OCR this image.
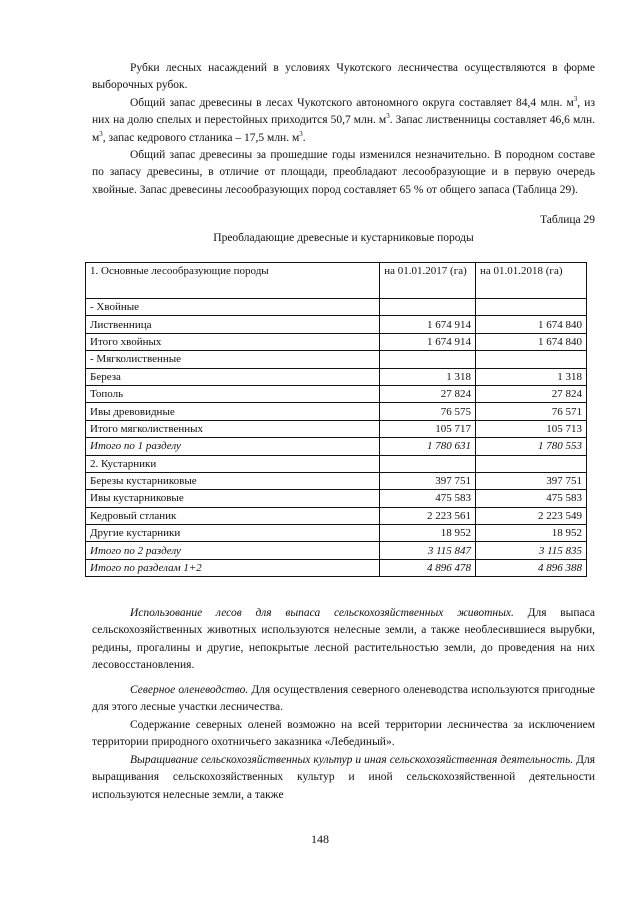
Рубки лесных насаждений в условиях Чукотского лесничества осуществляются в форме выборочных рубок.

Общий запас древесины в лесах Чукотского автономного округа составляет 84,4 млн. $м^3$, из них на долю спелых и перестойных приходится 50,7 млн. $м^3$. Запас лиственницы составляет 46,6 млн. $м^3$, запас кедрового стланика – 17,5 млн. $м^3$.

Общий запас древесины за прошедшие годы изменился незначительно. В породном составе по запасу древесины, в отличие от площади, преобладают лесообразующие и в первую очередь хвойные. Запас древесины лесообразующих пород составляет 65 % от общего запаса (Таблица 29).

Таблица 29
Преобладающие древесные и кустарниковые породы
1. Основные лесообразующие породы	на 01.01.2017 (га)	на 01.01.2018 (га)
- Хвойные		
Лиственница	1 674 914	1 674 840
Итого хвойных	1 674 914	1 674 840
- Мягколиственные		
Береза	1 318	1 318
Тополь	27 824	27 824
Ивы древовидные	76 575	76 571
Итого мягколиственных	105 717	105 713
Итого по 1 разделу	1 780 631	1 780 553
2. Кустарники		
Березы кустарниковые	397 751	397 751
Ивы кустарниковые	475 583	475 583
Кедровый стланик	2 223 561	2 223 549
Другие кустарники	18 952	18 952
Итого по 2 разделу	3 115 847	3 115 835
Итого по разделам 1+2	4 896 478	4 896 388

Использование лесов для выпаса сельскохозяйственных животных. Для выпаса сельскохозяйственных животных используются нелесные земли, а также необлесившиеся вырубки, редины, прогалины и другие, непокрытые лесной растительностью земли, до проведения на них лесовосстановления.

Северное оленеводство. Для осуществления северного оленеводства используются пригодные для этого лесные участки лесничества.

Содержание северных оленей возможно на всей территории лесничества за исключением территории природного охотничьего заказника «Лебединый».

Выращивание сельскохозяйственных культур и иная сельскохозяйственная деятельность. Для выращивания сельскохозяйственных культур и иной сельскохозяйственной деятельности используются нелесные земли, а также

148
